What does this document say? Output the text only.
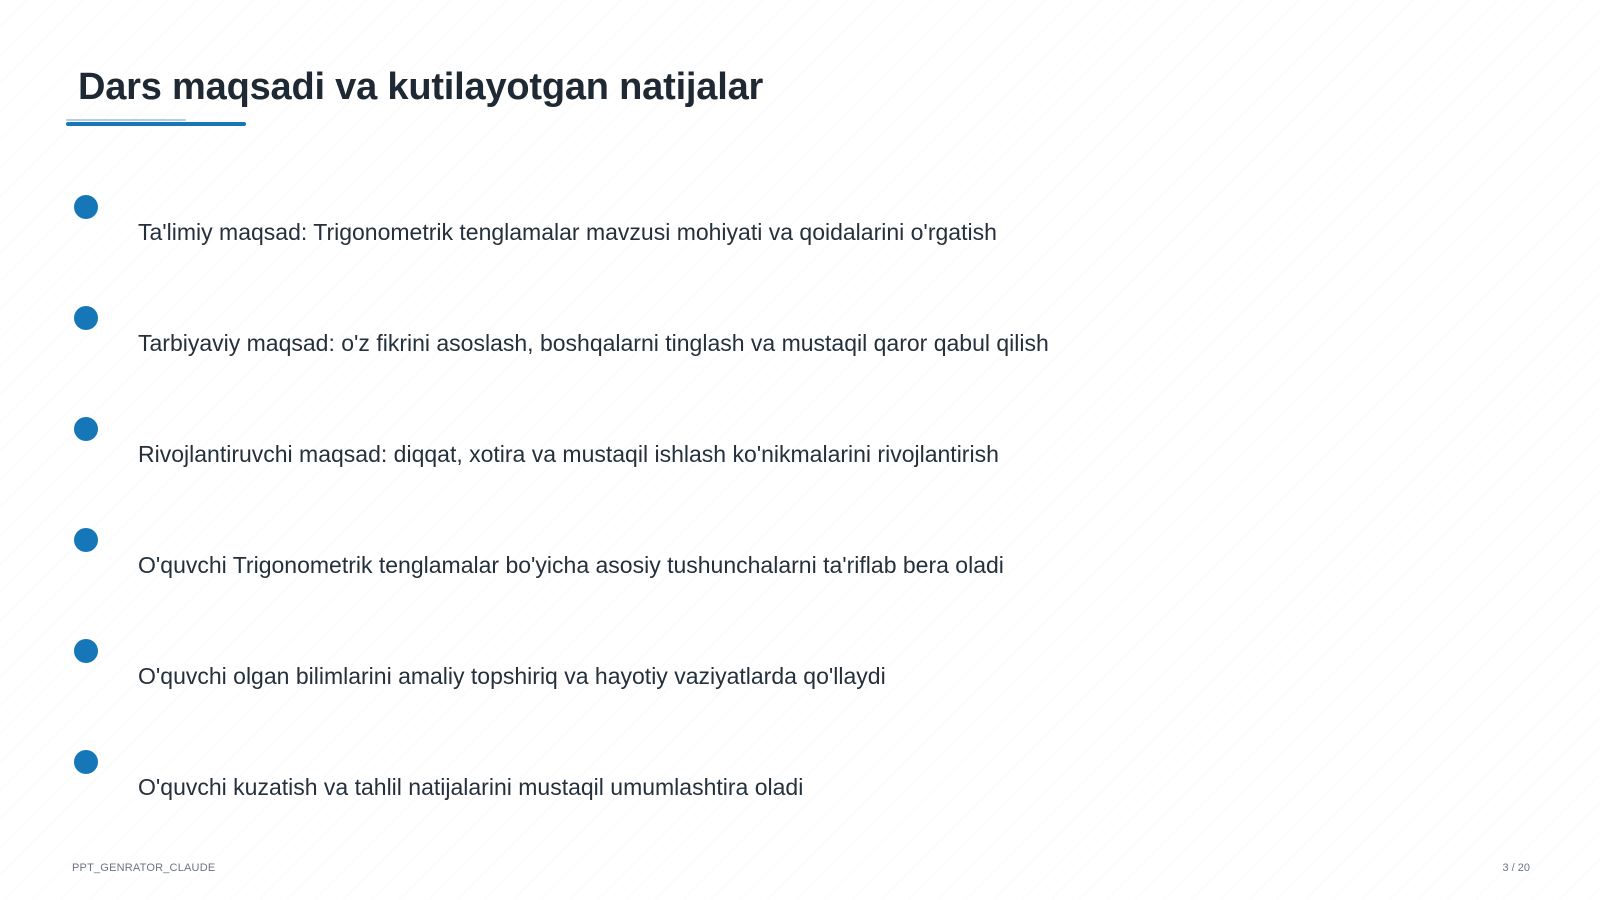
Dars maqsadi va kutilayotgan natijalar
Ta'limiy maqsad: Trigonometrik tenglamalar mavzusi mohiyati va qoidalarini o'rgatish
Tarbiyaviy maqsad: o'z fikrini asoslash, boshqalarni tinglash va mustaqil qaror qabul qilish
Rivojlantiruvchi maqsad: diqqat, xotira va mustaqil ishlash ko'nikmalarini rivojlantirish
O'quvchi Trigonometrik tenglamalar bo'yicha asosiy tushunchalarni ta'riflab bera oladi
O'quvchi olgan bilimlarini amaliy topshiriq va hayotiy vaziyatlarda qo'llaydi
O'quvchi kuzatish va tahlil natijalarini mustaqil umumlashtira oladi
PPT_GENRATOR_CLAUDE	3 / 20
